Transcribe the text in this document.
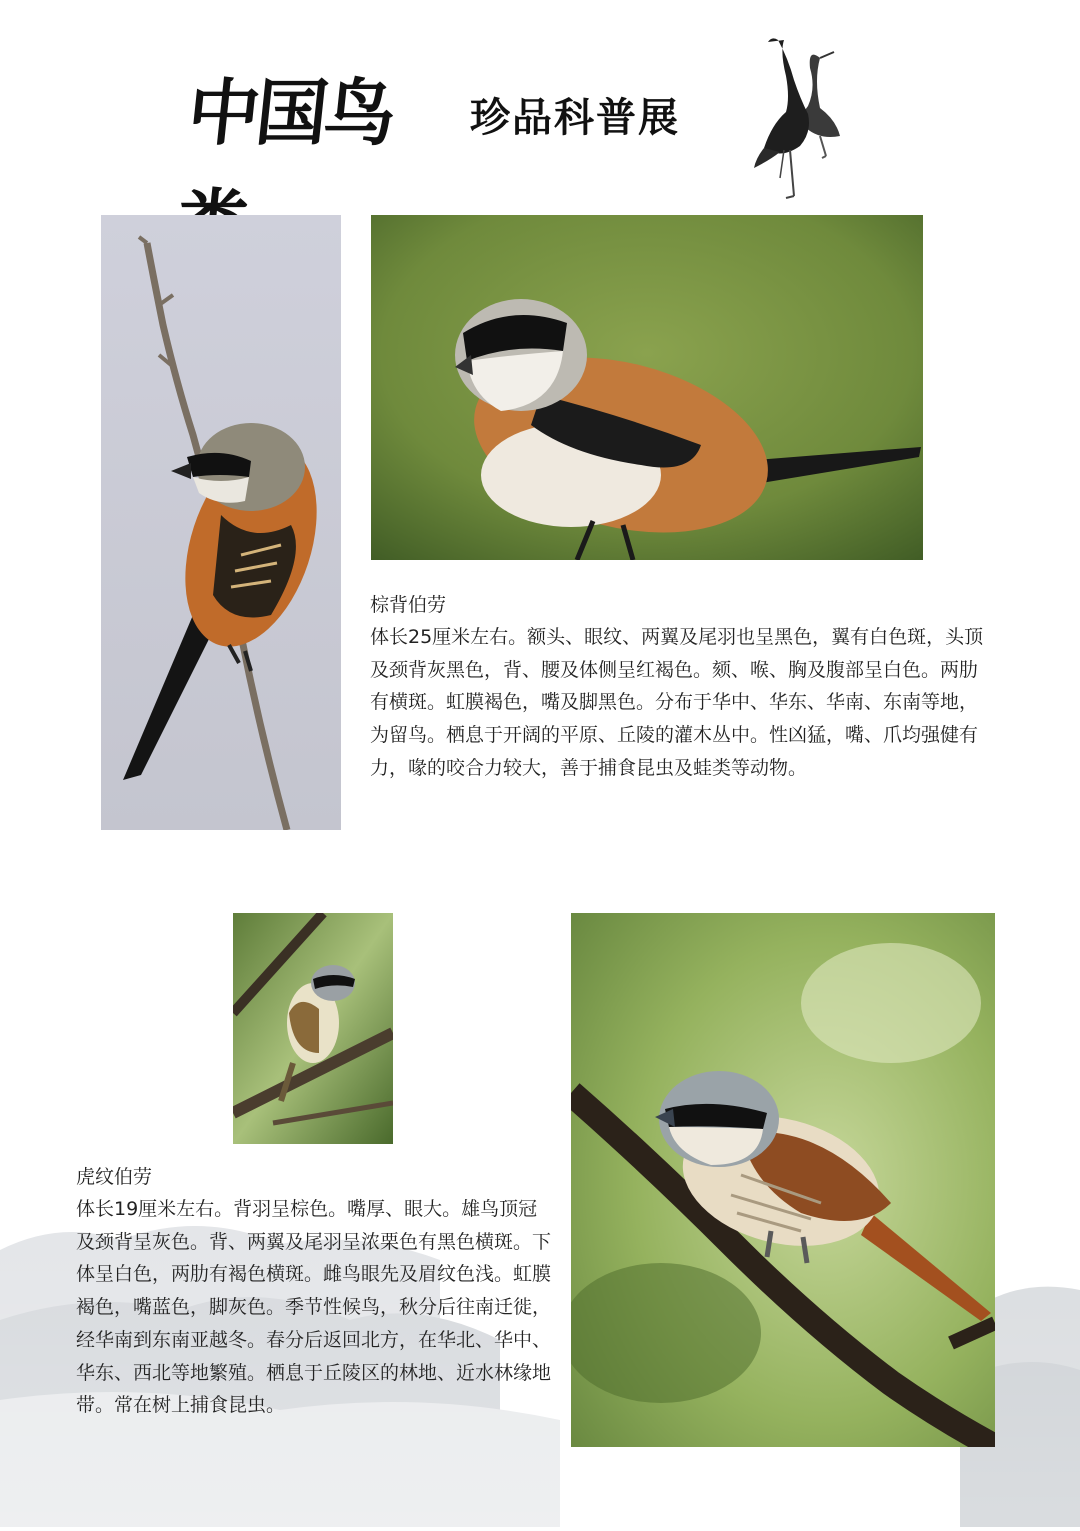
中国鸟类
珍品科普展
棕背伯劳
体长25厘米左右。额头、眼纹、两翼及尾羽也呈黑色，翼有白色斑，头顶及颈背灰黑色，背、腰及体侧呈红褐色。颏、喉、胸及腹部呈白色。两肋有横斑。虹膜褐色，嘴及脚黑色。分布于华中、华东、华南、东南等地，为留鸟。栖息于开阔的平原、丘陵的灌木丛中。性凶猛，嘴、爪均强健有力，喙的咬合力较大，善于捕食昆虫及蛙类等动物。
虎纹伯劳
体长19厘米左右。背羽呈棕色。嘴厚、眼大。雄鸟顶冠及颈背呈灰色。背、两翼及尾羽呈浓栗色有黑色横斑。下体呈白色，两肋有褐色横斑。雌鸟眼先及眉纹色浅。虹膜褐色，嘴蓝色，脚灰色。季节性候鸟，秋分后往南迁徙，经华南到东南亚越冬。春分后返回北方，在华北、华中、华东、西北等地繁殖。栖息于丘陵区的林地、近水林缘地带。常在树上捕食昆虫。
